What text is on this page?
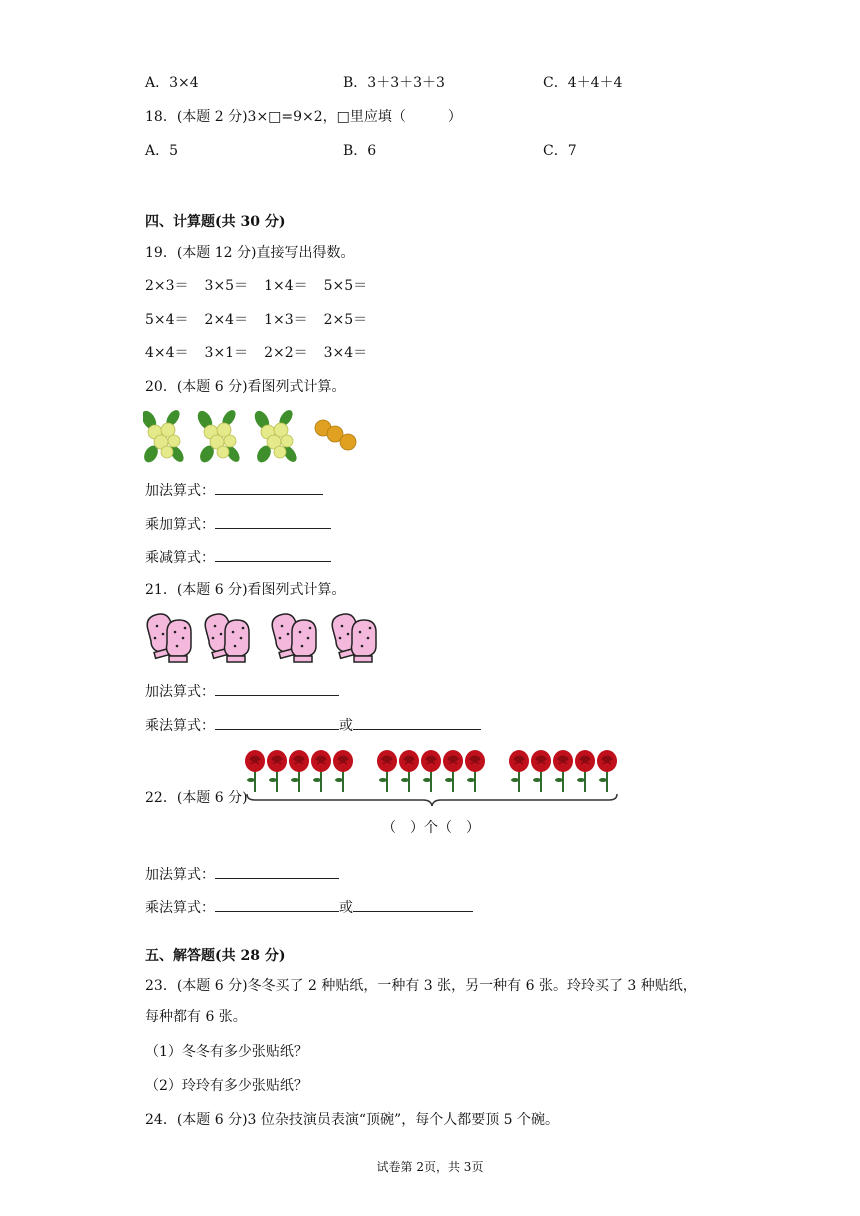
A．3×4	B．3＋3＋3＋3	C．4＋4＋4
18．(本题 2 分)3×□=9×2，□里应填（　　　）
A．5	B．6	C．7
四、计算题(共 30 分)
19．(本题 12 分)直接写出得数。
2×3＝ 3×5＝ 1×4＝ 5×5＝
5×4＝ 2×4＝ 1×3＝ 2×5＝
4×4＝ 3×1＝ 2×2＝ 3×4＝
20．(本题 6 分)看图列式计算。
加法算式：
乘加算式：
乘减算式：
21．(本题 6 分)看图列式计算。
加法算式：
乘法算式：	或
22．(本题 6 分)
（　）个（　）
加法算式：
乘法算式：	或
五、解答题(共 28 分)
23．(本题 6 分)冬冬买了 2 种贴纸，一种有 3 张，另一种有 6 张。玲玲买了 3 种贴纸，
每种都有 6 张。
（1）冬冬有多少张贴纸？
（2）玲玲有多少张贴纸？
24．(本题 6 分)3 位杂技演员表演“顶碗”，每个人都要顶 5 个碗。
试卷第 2页，共 3页
